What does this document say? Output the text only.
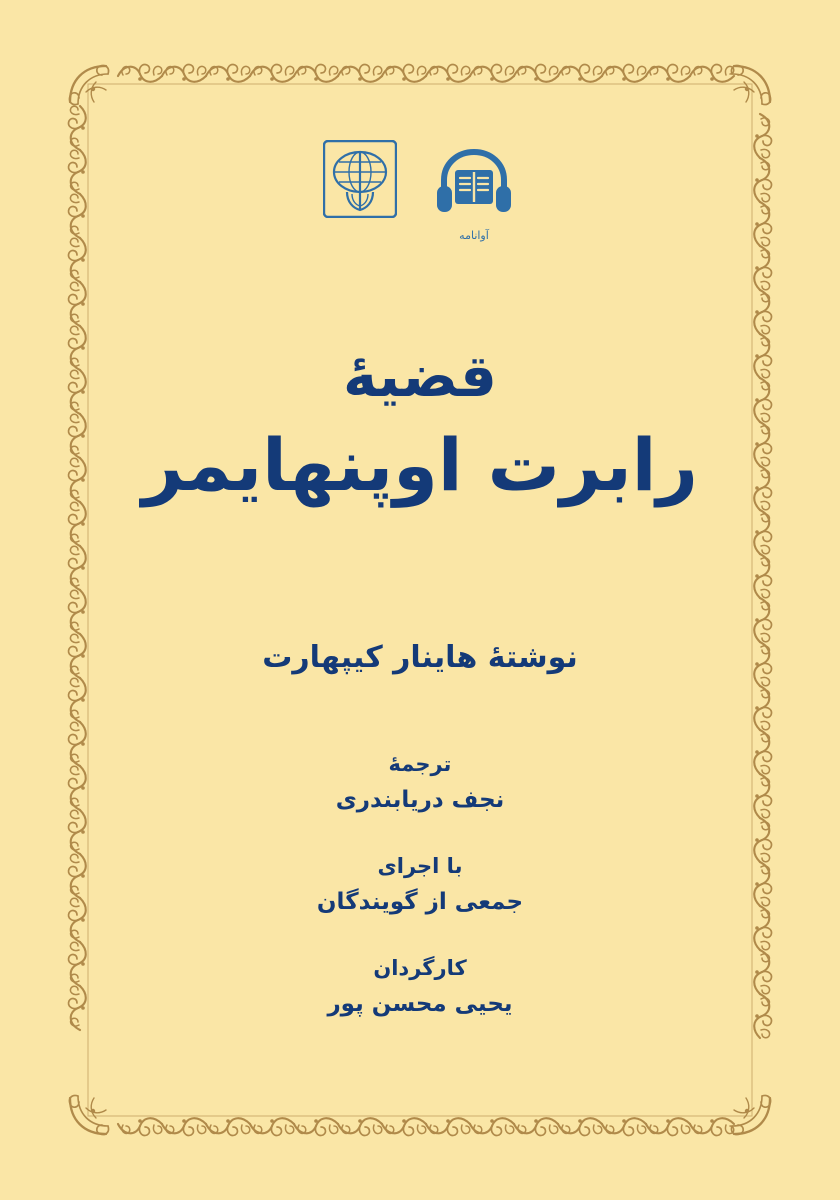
آوانامه
قضیهٔ
رابرت اوپنهایمر
نوشتهٔ هاینار کیپهارت
ترجمهٔ
نجف دریابندری
با اجرای
جمعی از گویندگان
کارگردان
یحیی محسن پور
